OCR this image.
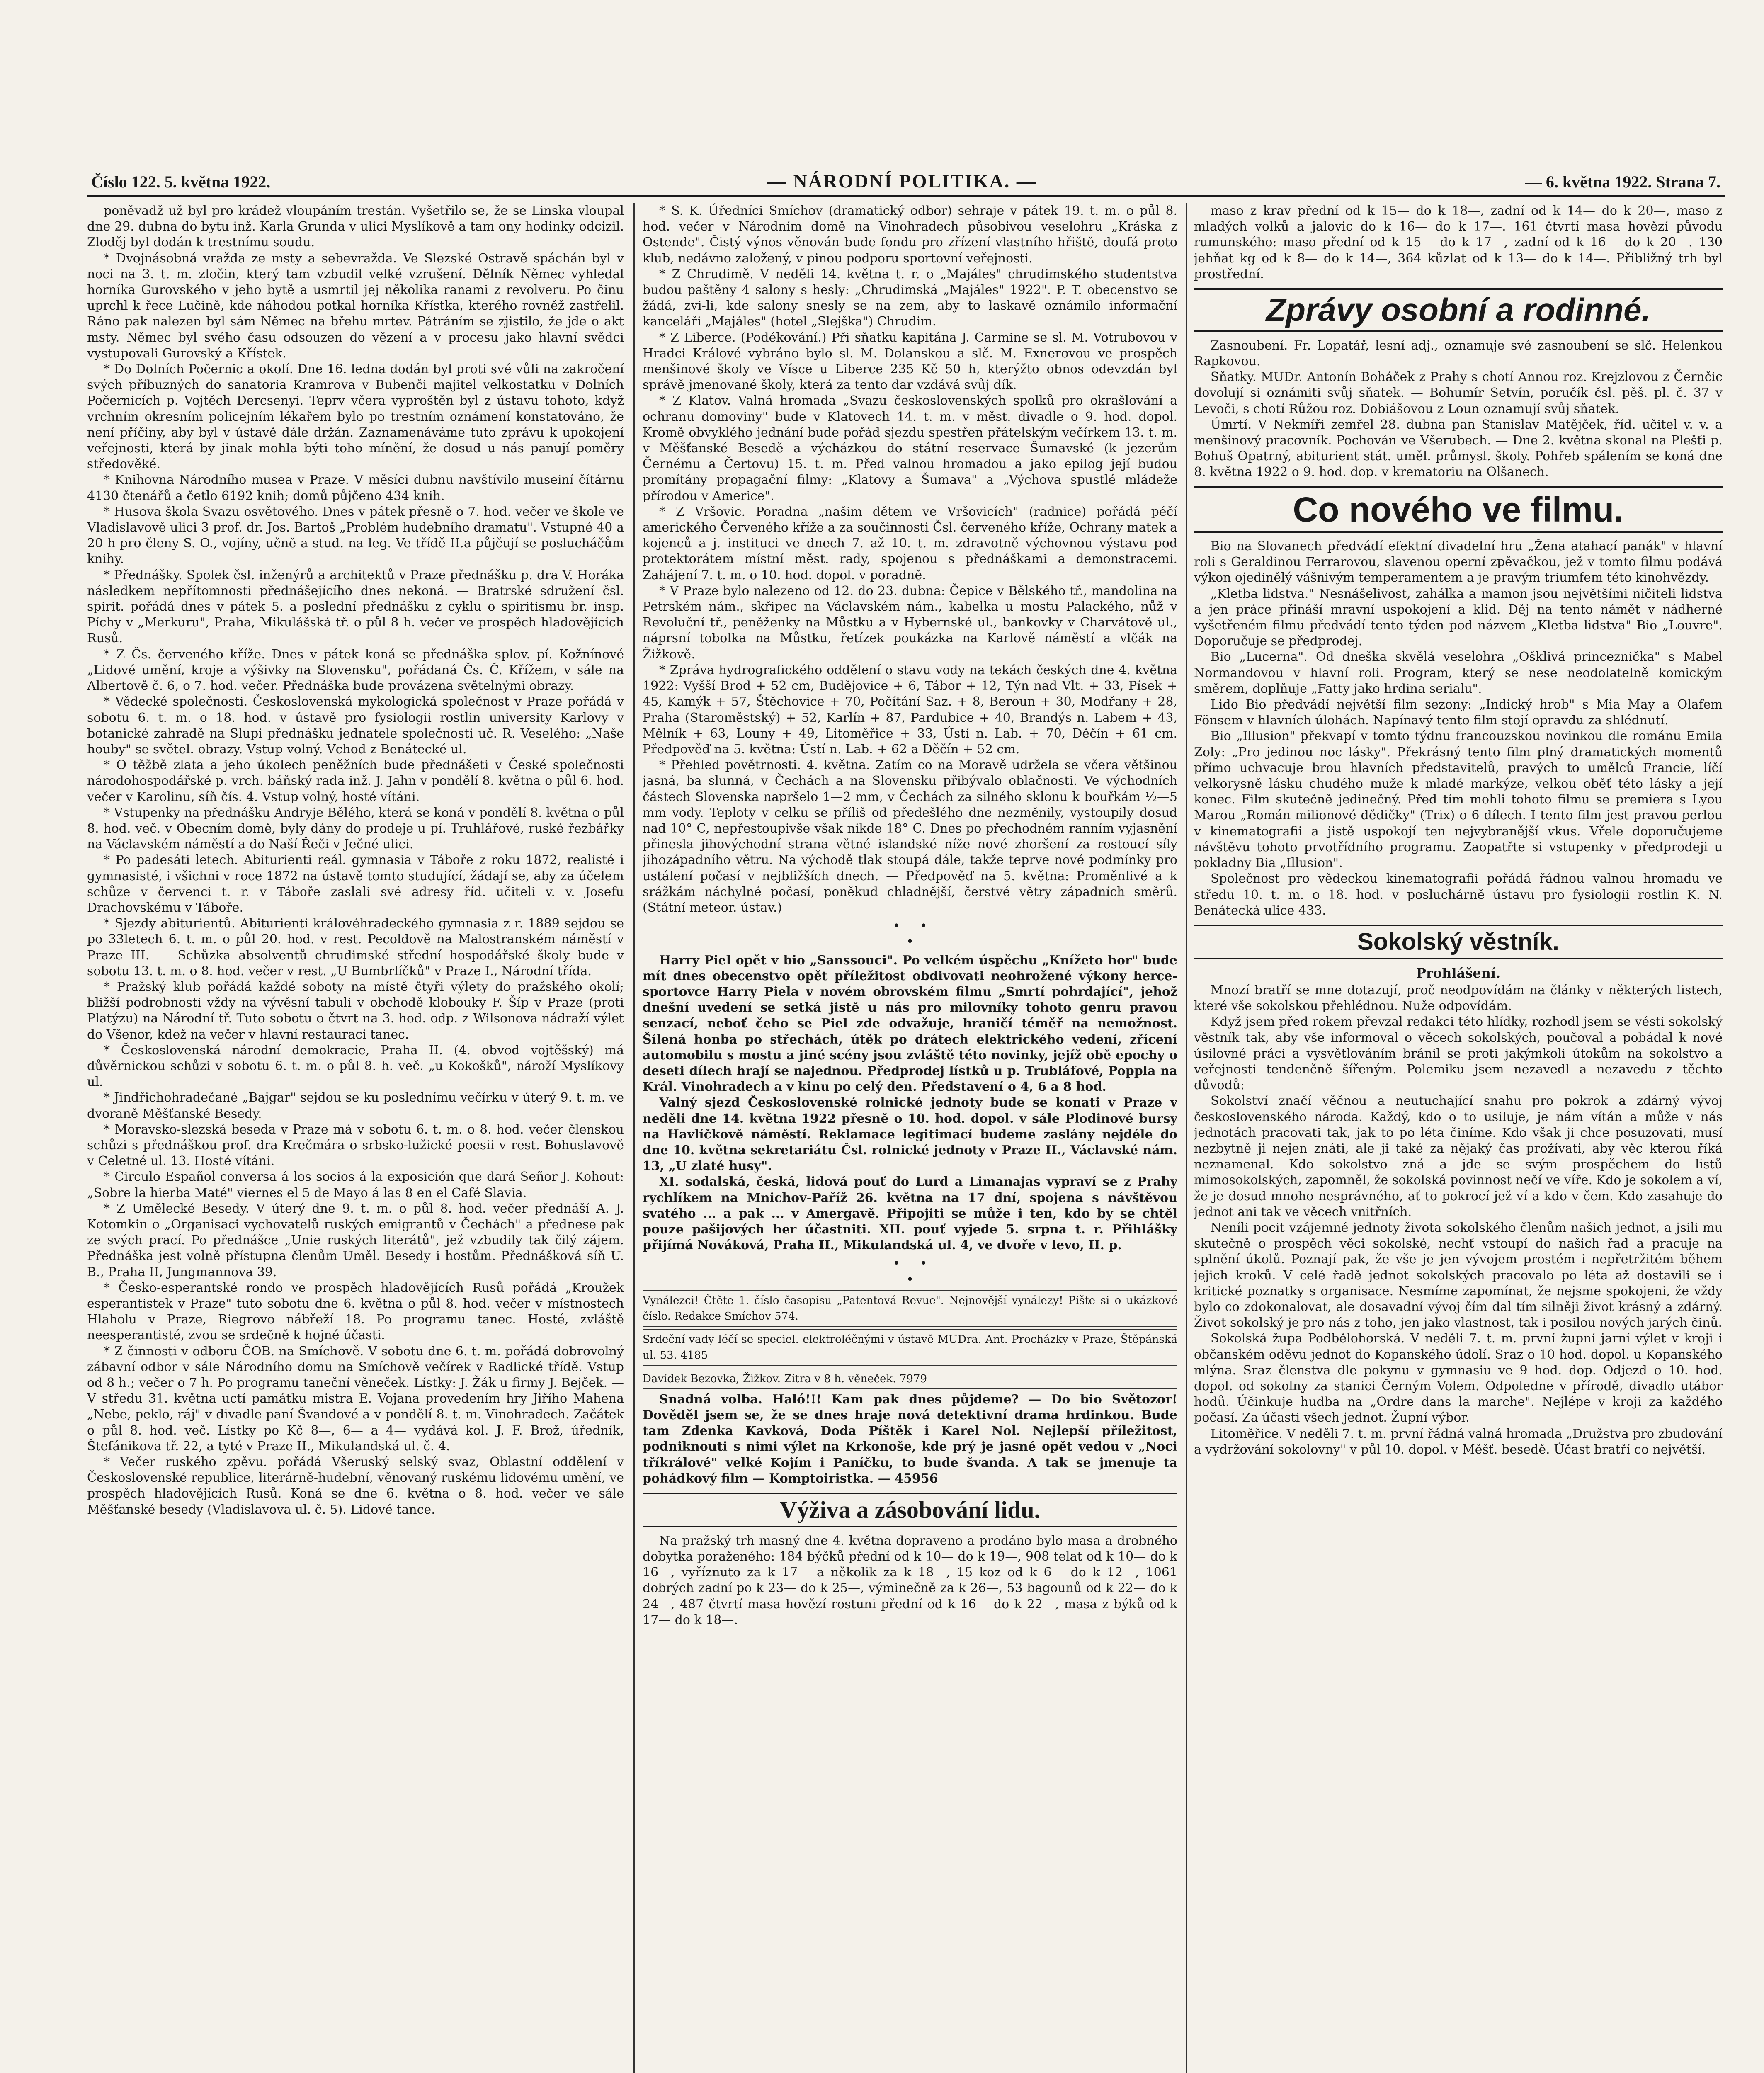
Číslo 122. 5. května 1922.	— NÁRODNÍ POLITIKA. —	— 6. května 1922. Strana 7.

poněvadž už byl pro krádež vloupáním trestán. Vyšetřilo se, že se Linska vloupal dne 29. dubna do bytu inž. Karla Grunda v ulici Myslíkově a tam ony hodinky odcizil. Zloděj byl dodán k trestnímu soudu.

* Dvojnásobná vražda ze msty a sebevražda. Ve Slezské Ostravě spáchán byl v noci na 3. t. m. zločin, který tam vzbudil velké vzrušení. Dělník Němec vyhledal horníka Gurovského v jeho bytě a usmrtil jej několika ranami z revolveru. Po činu uprchl k řece Lučině, kde náhodou potkal horníka Křístka, kterého rovněž zastřelil. Ráno pak nalezen byl sám Němec na břehu mrtev. Pátráním se zjistilo, že jde o akt msty. Němec byl svého času odsouzen do vězení a v procesu jako hlavní svědci vystupovali Gurovský a Křístek.

* Do Dolních Počernic a okolí. Dne 16. ledna dodán byl proti své vůli na zakročení svých příbuzných do sanatoria Kramrova v Bubenči majitel velkostatku v Dolních Počernicích p. Vojtěch Dercsenyi. Teprv včera vyproštěn byl z ústavu tohoto, když vrchním okresním policejním lékařem bylo po trestním oznámení konstatováno, že není příčiny, aby byl v ústavě dále držán. Zaznamenáváme tuto zprávu k upokojení veřejnosti, která by jinak mohla býti toho mínění, že dosud u nás panují poměry středověké.

* Knihovna Národního musea v Praze. V měsíci dubnu navštívilo museiní čítárnu 4130 čtenářů a četlo 6192 knih; domů půjčeno 434 knih.

* Husova škola Svazu osvětového. Dnes v pátek přesně o 7. hod. večer ve škole ve Vladislavově ulici 3 prof. dr. Jos. Bartoš „Problém hudebního dramatu". Vstupné 40 a 20 h pro členy S. O., vojíny, učně a stud. na leg. Ve třídě II.a půjčují se poslucháčům knihy.

* Přednášky. Spolek čsl. inženýrů a architektů v Praze přednášku p. dra V. Horáka následkem nepřítomnosti přednášejícího dnes nekoná. — Bratrské sdružení čsl. spirit. pořádá dnes v pátek 5. a poslední přednášku z cyklu o spiritismu br. insp. Píchy v „Merkuru", Praha, Mikulášská tř. o půl 8 h. večer ve prospěch hladovějících Rusů.

* Z Čs. červeného kříže. Dnes v pátek koná se přednáška splov. pí. Kožnínové „Lidové umění, kroje a výšivky na Slovensku", pořádaná Čs. Č. Křížem, v sále na Albertově č. 6, o 7. hod. večer. Přednáška bude provázena světelnými obrazy.

* Vědecké společnosti. Československá mykologická společnost v Praze pořádá v sobotu 6. t. m. o 18. hod. v ústavě pro fysiologii rostlin university Karlovy v botanické zahradě na Slupi přednášku jednatele společnosti uč. R. Veselého: „Naše houby" se světel. obrazy. Vstup volný. Vchod z Benátecké ul.

* O těžbě zlata a jeho úkolech peněžních bude přednášeti v České společnosti národohospodářské p. vrch. báňský rada inž. J. Jahn v pondělí 8. května o půl 6. hod. večer v Karolinu, síň čís. 4. Vstup volný, hosté vítáni.

* Vstupenky na přednášku Andryje Bělého, která se koná v pondělí 8. května o půl 8. hod. več. v Obecním domě, byly dány do prodeje u pí. Truhlářové, ruské řezbářky na Václavském náměstí a do Naší Řeči v Ječné ulici.

* Po padesáti letech. Abiturienti reál. gymnasia v Táboře z roku 1872, realisté i gymnasisté, i všichni v roce 1872 na ústavě tomto studující, žádají se, aby za účelem schůze v červenci t. r. v Táboře zaslali své adresy říd. učiteli v. v. Josefu Drachovskému v Táboře.

* Sjezdy abiturientů. Abiturienti královéhradeckého gymnasia z r. 1889 sejdou se po 33letech 6. t. m. o půl 20. hod. v rest. Pecoldově na Malostranském náměstí v Praze III. — Schůzka absolventů chrudimské střední hospodářské školy bude v sobotu 13. t. m. o 8. hod. večer v rest. „U Bumbrlíčků" v Praze I., Národní třída.

* Pražský klub pořádá každé soboty na místě čtyři výlety do pražského okolí; bližší podrobnosti vždy na vývěsní tabuli v obchodě klobouky F. Šíp v Praze (proti Platýzu) na Národní tř. Tuto sobotu o čtvrt na 3. hod. odp. z Wilsonova nádraží výlet do Všenor, kdež na večer v hlavní restauraci tanec.

* Československá národní demokracie, Praha II. (4. obvod vojtěšský) má důvěrnickou schůzi v sobotu 6. t. m. o půl 8. h. več. „u Kokošků", nároží Myslíkovy ul.

* Jindřichohradečané „Bajgar" sejdou se ku poslednímu večírku v úterý 9. t. m. ve dvoraně Měšťanské Besedy.

* Moravsko-slezská beseda v Praze má v sobotu 6. t. m. o 8. hod. večer členskou schůzi s přednáškou prof. dra Krečmára o srbsko-lužické poesii v rest. Bohuslavově v Celetné ul. 13. Hosté vítáni.

* Circulo Español conversa á los socios á la exposición que dará Señor J. Kohout: „Sobre la hierba Maté" viernes el 5 de Mayo á las 8 en el Café Slavia.

* Z Umělecké Besedy. V úterý dne 9. t. m. o půl 8. hod. večer přednáší A. J. Kotomkin o „Organisaci vychovatelů ruských emigrantů v Čechách" a přednese pak ze svých prací. Po přednášce „Unie ruských literátů", jež vzbudily tak čilý zájem. Přednáška jest volně přístupna členům Uměl. Besedy i hostům. Přednášková síň U. B., Praha II, Jungmannova 39.

* Česko-esperantské rondo ve prospěch hladovějících Rusů pořádá „Kroužek esperantistek v Praze" tuto sobotu dne 6. května o půl 8. hod. večer v místnostech Hlaholu v Praze, Riegrovo nábřeží 18. Po programu tanec. Hosté, zvláště neesperantisté, zvou se srdečně k hojné účasti.

* Z činnosti v odboru ČOB. na Smíchově. V sobotu dne 6. t. m. pořádá dobrovolný zábavní odbor v sále Národního domu na Smíchově večírek v Radlické třídě. Vstup od 8 h.; večer o 7 h. Po programu taneční věneček. Lístky: J. Žák u firmy J. Bejček. — V středu 31. května uctí památku mistra E. Vojana provedením hry Jiřího Mahena „Nebe, peklo, ráj" v divadle paní Švandové a v pondělí 8. t. m. Vinohradech. Začátek o půl 8. hod. več. Lístky po Kč 8—, 6— a 4— vydává kol. J. F. Brož, úředník, Štefánikova tř. 22, a tyté v Praze II., Mikulandská ul. č. 4.

* Večer ruského zpěvu. pořádá Všeruský selský svaz, Oblastní oddělení v Československé republice, literárně-hudební, věnovaný ruskému lidovému umění, ve prospěch hladovějících Rusů. Koná se dne 6. května o 8. hod. večer ve sále Měšťanské besedy (Vladislavova ul. č. 5). Lidové tance.

* S. K. Úředníci Smíchov (dramatický odbor) sehraje v pátek 19. t. m. o půl 8. hod. večer v Národním domě na Vinohradech působivou veselohru „Kráska z Ostende". Čistý výnos věnován bude fondu pro zřízení vlastního hřiště, doufá proto klub, nedávno založený, v pinou podporu sportovní veřejnosti.

* Z Chrudimě. V neděli 14. května t. r. o „Majáles" chrudimského studentstva budou paštěny 4 salony s hesly: „Chrudimská „Majáles" 1922". P. T. obecenstvo se žádá, zvi-li, kde salony snesly se na zem, aby to laskavě oznámilo informační kanceláři „Majáles" (hotel „Slejška") Chrudim.

* Z Liberce. (Podékování.) Při sňatku kapitána J. Carmine se sl. M. Votrubovou v Hradci Králové vybráno bylo sl. M. Dolanskou a slč. M. Exnerovou ve prospěch menšinové školy ve Vísce u Liberce 235 Kč 50 h, kterýžto obnos odevzdán byl správě jmenované školy, která za tento dar vzdává svůj dík.

* Z Klatov. Valná hromada „Svazu československých spolků pro okrašlování a ochranu domoviny" bude v Klatovech 14. t. m. v měst. divadle o 9. hod. dopol. Kromě obvyklého jednání bude pořád sjezdu spestřen přátelským večírkem 13. t. m. v Měšťanské Besedě a výcházkou do státní reservace Šumavské (k jezerům Černému a Čertovu) 15. t. m. Před valnou hromadou a jako epilog její budou promítány propagační filmy: „Klatovy a Šumava" a „Výchova spustlé mládeže přírodou v Americe".

* Z Vršovic. Poradna „našim dětem ve Vršovicích" (radnice) pořádá péčí amerického Červeného kříže a za součinnosti Čsl. červeného kříže, Ochrany matek a kojenců a j. instituci ve dnech 7. až 10. t. m. zdravotně výchovnou výstavu pod protektorátem místní měst. rady, spojenou s přednáškami a demonstracemi. Zahájení 7. t. m. o 10. hod. dopol. v poradně.

* V Praze bylo nalezeno od 12. do 23. dubna: Čepice v Bělského tř., mandolina na Petrském nám., skřipec na Václavském nám., kabelka u mostu Palackého, nůž v Revoluční tř., peněženky na Můstku a v Hybernské ul., bankovky v Charvátově ul., náprsní tobolka na Můstku, řetízek poukázka na Karlově náměstí a vlčák na Žižkově.

* Zpráva hydrografického oddělení o stavu vody na tekách českých dne 4. května 1922: Vyšší Brod + 52 cm, Budějovice + 6, Tábor + 12, Týn nad Vlt. + 33, Písek + 45, Kamýk + 57, Štěchovice + 70, Počítání Saz. + 8, Beroun + 30, Modřany + 28, Praha (Staroměstský) + 52, Karlín + 87, Pardubice + 40, Brandýs n. Labem + 43, Mělník + 63, Louny + 49, Litoměřice + 33, Ústí n. Lab. + 70, Děčín + 61 cm. Předpověď na 5. května: Ústí n. Lab. + 62 a Děčín + 52 cm.

* Přehled povětrnosti. 4. května. Zatím co na Moravě udržela se včera většinou jasná, ba slunná, v Čechách a na Slovensku přibývalo oblačnosti. Ve východních částech Slovenska napršelo 1—2 mm, v Čechách za silného sklonu k bouřkám ½—5 mm vody. Teploty v celku se příliš od předešlého dne nezměnily, vystoupily dosud nad 10° C, nepřestoupivše však nikde 18° C. Dnes po přechodném ranním vyjasnění přinesla jihovýchodní strana větné islandské níže nové zhoršení za rostoucí síly jihozápadního větru. Na východě tlak stoupá dále, takže teprve nové podmínky pro ustálení počasí v nejbližších dnech. — Předpověď na 5. května: Proměnlivé a k srážkám náchylné počasí, poněkud chladnější, čerstvé větry západních směrů. (Státní meteor. ústav.)

•     •
•

Harry Piel opět v bio „Sanssouci". Po velkém úspěchu „Knížeto hor" bude mít dnes obecenstvo opět příležitost obdivovati neohrožené výkony herce-sportovce Harry Piela v novém obrovském filmu „Smrtí pohrdající", jehož dnešní uvedení se setká jistě u nás pro milovníky tohoto genru pravou senzací, neboť čeho se Piel zde odvažuje, hraničí téměř na nemožnost. Šílená honba po střechách, útěk po drátech elektrického vedení, zřícení automobilu s mostu a jiné scény jsou zvláště této novinky, jejíž obě epochy o deseti dílech hrají se najednou. Předprodej lístků u p. Trubláfové, Poppla na Král. Vinohradech a v kinu po celý den. Představení o 4, 6 a 8 hod.

Valný sjezd Československé rolnické jednoty bude se konati v Praze v neděli dne 14. května 1922 přesně o 10. hod. dopol. v sále Plodinové bursy na Havlíčkově náměstí. Reklamace legitimací budeme zaslány nejdéle do dne 10. května sekretariátu Čsl. rolnické jednoty v Praze II., Václavské nám. 13, „U zlaté husy".

XI. sodalská, česká, lidová pouť do Lurd a Limanajas vypraví se z Prahy rychlíkem na Mnichov-Paříž 26. května na 17 dní, spojena s návštěvou svatého ... a pak ... v Amergavě. Připojiti se může i ten, kdo by se chtěl pouze pašijových her účastniti. XII. pouť vyjede 5. srpna t. r. Přihlášky přijímá Nováková, Praha II., Mikulandská ul. 4, ve dvoře v levo, II. p.

•     •
•
Vynálezci! Čtěte 1. číslo časopisu „Patentová Revue". Nejnovější vynálezy! Pište si o ukázkové číslo. Redakce Smíchov 574.
Srdeční vady léčí se speciel. elektroléčnými v ústavě MUDra. Ant. Procházky v Praze, Štěpánská ul. 53. 4185
Davídek Bezovka, Žižkov. Zítra v 8 h. věneček. 7979

Snadná volba. Haló!!! Kam pak dnes půjdeme? — Do bio Světozor! Dověděl jsem se, že se dnes hraje nová detektivní drama hrdinkou. Bude tam Zdenka Kavková, Doda Píštěk i Karel Nol. Nejlepší příležitost, podniknouti s nimi výlet na Krkonoše, kde prý je jasné opět vedou v „Noci tříkrálové" velké Kojím i Paníčku, to bude švanda. A tak se jmenuje ta pohádkový film — Komptoiristka. — 45956

Výživa a zásobování lidu.

Na pražský trh masný dne 4. května dopraveno a prodáno bylo masa a drobného dobytka poraženého: 184 býčků přední od k 10— do k 19—, 908 telat od k 10— do k 16—, vyříznuto za k 17— a několik za k 18—, 15 koz od k 6— do k 12—, 1061 dobrých zadní po k 23— do k 25—, výminečně za k 26—, 53 bagounů od k 22— do k 24—, 487 čtvrtí masa hovězí rostuni přední od k 16— do k 22—, masa z býků od k 17— do k 18—.

maso z krav přední od k 15— do k 18—, zadní od k 14— do k 20—, maso z mladých volků a jalovic do k 16— do k 17—. 161 čtvrtí masa hovězí původu rumunského: maso přední od k 15— do k 17—, zadní od k 16— do k 20—. 130 jehňat kg od k 8— do k 14—, 364 kůzlat od k 13— do k 14—. Přibližný trh byl prostřední.

Zprávy osobní a rodinné.

Zasnoubení. Fr. Lopatář, lesní adj., oznamuje své zasnoubení se slč. Helenkou Rapkovou.

Sňatky. MUDr. Antonín Boháček z Prahy s chotí Annou roz. Krejzlovou z Černčic dovolují si oznámiti svůj sňatek. — Bohumír Setvín, poručík čsl. pěš. pl. č. 37 v Levoči, s chotí Růžou roz. Dobiášovou z Loun oznamují svůj sňatek.

Úmrtí. V Nekmíři zemřel 28. dubna pan Stanislav Matějček, říd. učitel v. v. a menšinový pracovník. Pochován ve Všerubech. — Dne 2. května skonal na Plešťi p. Bohuš Opatrný, abiturient stát. uměl. průmysl. školy. Pohřeb spálením se koná dne 8. května 1922 o 9. hod. dop. v krematoriu na Olšanech.

Co nového ve filmu.

Bio na Slovanech předvádí efektní divadelní hru „Žena atahací panák" v hlavní roli s Geraldinou Ferrarovou, slavenou operní zpěvačkou, jež v tomto filmu podává výkon ojedinělý vášnivým temperamentem a je pravým triumfem této kinohvězdy.

„Kletba lidstva." Nesnášelivost, zahálka a mamon jsou největšími ničiteli lidstva a jen práce přináší mravní uspokojení a klid. Děj na tento námět v nádherné vyšetřeném filmu předvádí tento týden pod názvem „Kletba lidstva" Bio „Louvre". Doporučuje se předprodej.

Bio „Lucerna". Od dneška skvělá veselohra „Ošklivá princeznička" s Mabel Normandovou v hlavní roli. Program, který se nese neodolatelně komickým směrem, doplňuje „Fatty jako hrdina serialu".

Lido Bio předvádí největší film sezony: „Indický hrob" s Mia May a Olafem Fönsem v hlavních úlohách. Napínavý tento film stojí opravdu za shlédnutí.

Bio „Illusion" překvapí v tomto týdnu francouzskou novinkou dle románu Emila Zoly: „Pro jedinou noc lásky". Překrásný tento film plný dramatických momentů přímo uchvacuje brou hlavních představitelů, pravých to umělců Francie, líčí velkorysně lásku chudého muže k mladé markýze, velkou oběť této lásky a její konec. Film skutečně jedinečný. Před tím mohli tohoto filmu se premiera s Lyou Marou „Román milionové dědičky" (Trix) o 6 dílech. I tento film jest pravou perlou v kinematografii a jistě uspokojí ten nejvybranější vkus. Vřele doporučujeme návštěvu tohoto prvotřídního programu. Zaopatřte si vstupenky v předprodeji u pokladny Bia „Illusion".

Společnost pro vědeckou kinematografii pořádá řádnou valnou hromadu ve středu 10. t. m. o 18. hod. v posluchárně ústavu pro fysiologii rostlin K. N. Benátecká ulice 433.

Sokolský věstník.
Prohlášení.

Mnozí bratří se mne dotazují, proč neodpovídám na články v některých listech, které vše sokolskou přehlédnou. Nuže odpovídám.

Když jsem před rokem převzal redakci této hlídky, rozhodl jsem se vésti sokolský věstník tak, aby vše informoval o věcech sokolských, poučoval a pobádal k nové úsilovné práci a vysvětlováním bránil se proti jakýmkoli útokům na sokolstvo a veřejnosti tendenčně šířeným. Polemiku jsem nezavedl a nezavedu z těchto důvodů:

Sokolství značí věčnou a neutuchající snahu pro pokrok a zdárný vývoj československého národa. Každý, kdo o to usiluje, je nám vítán a může v nás jednotách pracovati tak, jak to po léta činíme. Kdo však ji chce posuzovati, musí nezbytně ji nejen znáti, ale ji také za nějaký čas prožívati, aby věc kterou říká neznamenal. Kdo sokolstvo zná a jde se svým prospěchem do listů mimosokolských, zapomněl, že sokolská povinnost nečí ve víře. Kdo je sokolem a ví, že je dosud mnoho nesprávného, ať to pokrocí jež ví a kdo v čem. Kdo zasahuje do jednot ani tak ve věcech vnitřních.

Neníli pocit vzájemné jednoty života sokolského členům našich jednot, a jsili mu skutečně o prospěch věci sokolské, nechť vstoupí do našich řad a pracuje na splnění úkolů. Poznají pak, že vše je jen vývojem prostém i nepřetržitém během jejich kroků. V celé řadě jednot sokolských pracovalo po léta až dostavili se i kritické poznatky s organisace. Nesmíme zapomínat, že nejsme spokojeni, že vždy bylo co zdokonalovat, ale dosavadní vývoj čím dal tím silněji život krásný a zdárný. Život sokolský je pro nás z toho, jen jako vlastnost, tak i posilou nových jarých činů.

Sokolská župa Podbělohorská. V neděli 7. t. m. první župní jarní výlet v kroji i občanském oděvu jednot do Kopanského údolí. Sraz o 10 hod. dopol. u Kopanského mlýna. Sraz členstva dle pokynu v gymnasiu ve 9 hod. dop. Odjezd o 10. hod. dopol. od sokolny za stanici Černým Volem. Odpoledne v přírodě, divadlo utábor hodů. Účinkuje hudba na „Ordre dans la marche". Nejlépe v kroji za každého počasí. Za účasti všech jednot. Župní výbor.

Litoměřice. V neděli 7. t. m. první řádná valná hromada „Družstva pro zbudování a vydržování sokolovny" v půl 10. dopol. v Měšť. besedě. Účast bratří co největší.
